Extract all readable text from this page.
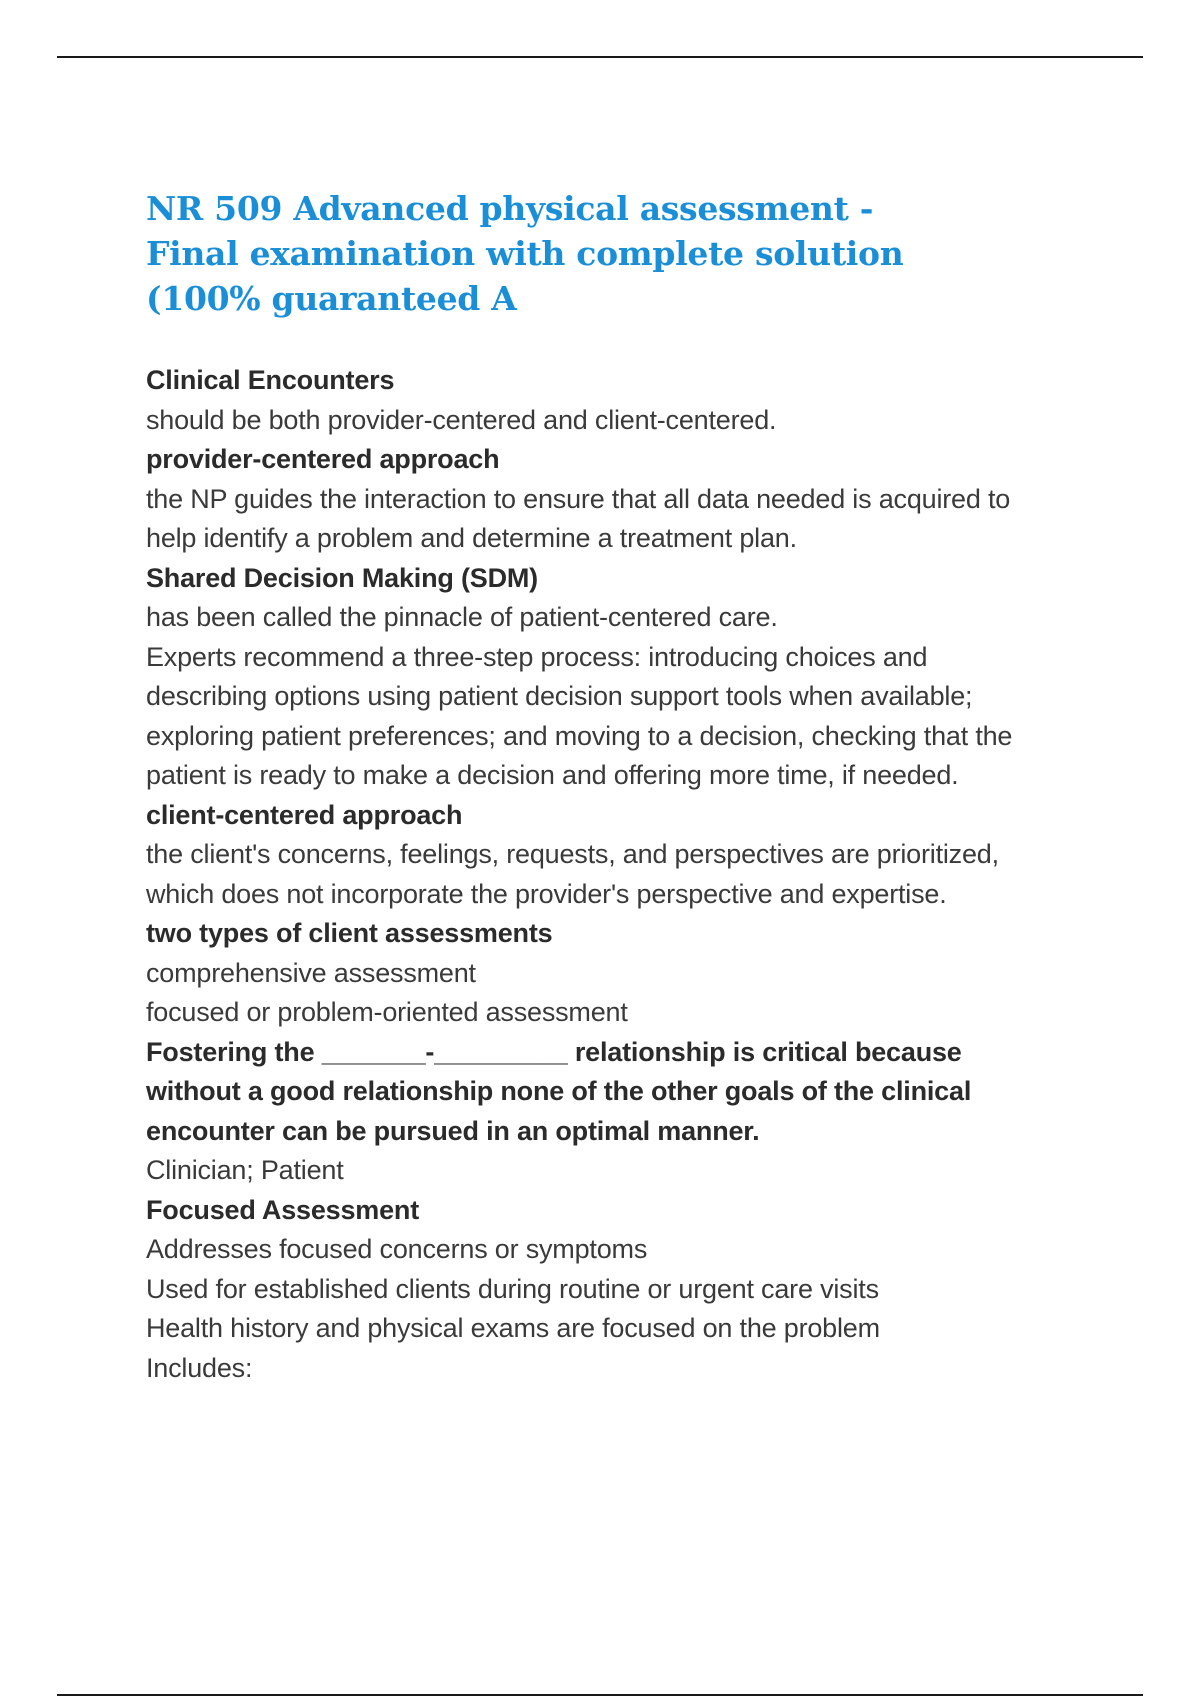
NR 509 Advanced physical assessment -Final examination with complete solution (100% guaranteed A
Clinical Encounters
should be both provider-centered and client-centered.
provider-centered approach
the NP guides the interaction to ensure that all data needed is acquired to
help identify a problem and determine a treatment plan.
Shared Decision Making (SDM)
has been called the pinnacle of patient-centered care.
Experts recommend a three-step process: introducing choices and
describing options using patient decision support tools when available;
exploring patient preferences; and moving to a decision, checking that the
patient is ready to make a decision and offering more time, if needed.
client-centered approach
the client's concerns, feelings, requests, and perspectives are prioritized,
which does not incorporate the provider's perspective and expertise.
two types of client assessments
comprehensive assessment
focused or problem-oriented assessment
Fostering the _______-_________ relationship is critical because
without a good relationship none of the other goals of the clinical
encounter can be pursued in an optimal manner.
Clinician; Patient
Focused Assessment
Addresses focused concerns or symptoms
Used for established clients during routine or urgent care visits
Health history and physical exams are focused on the problem
Includes:
